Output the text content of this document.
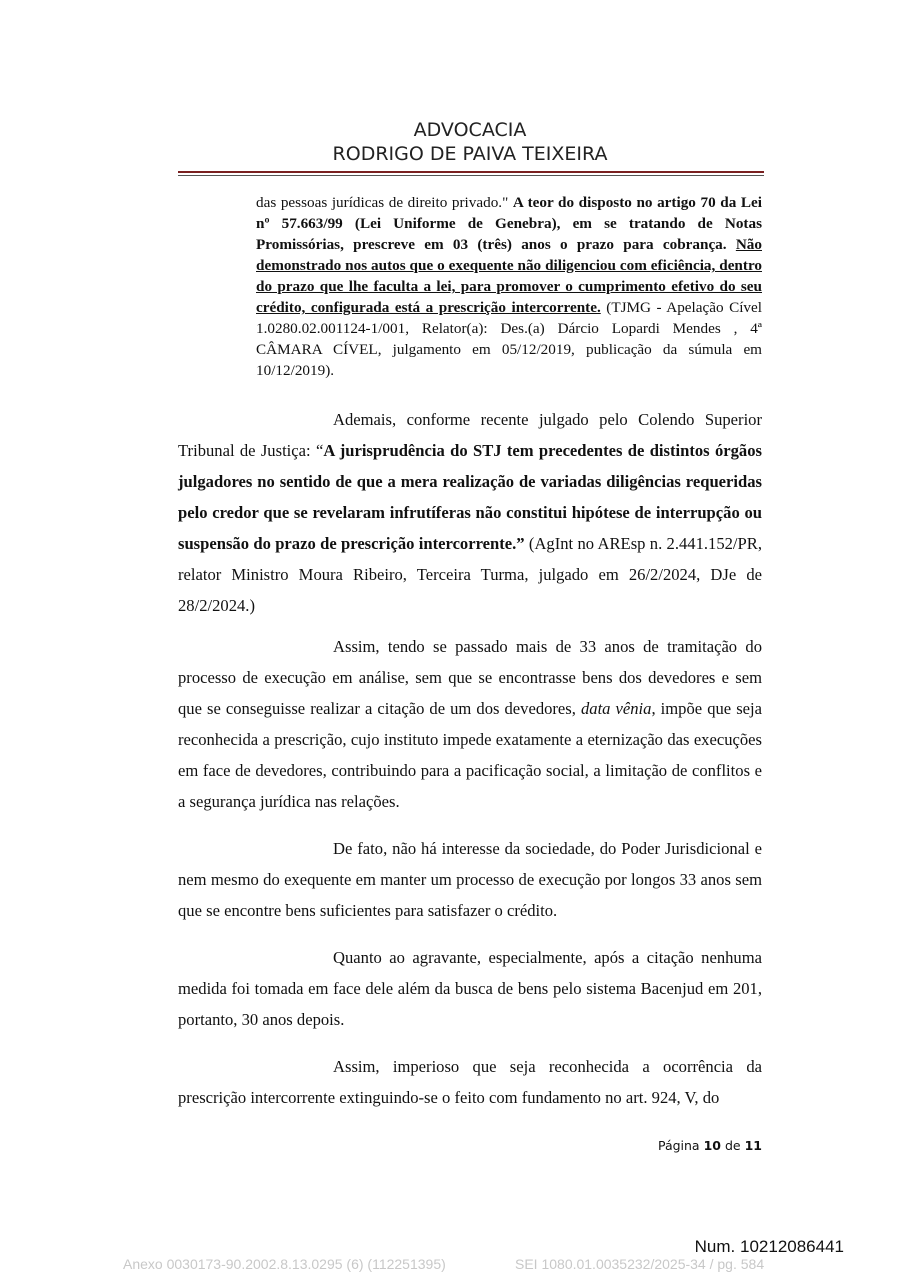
ADVOCACIA
RODRIGO DE PAIVA TEIXEIRA
das pessoas jurídicas de direito privado." A teor do disposto no artigo 70 da Lei nº 57.663/99 (Lei Uniforme de Genebra), em se tratando de Notas Promissórias, prescreve em 03 (três) anos o prazo para cobrança. Não demonstrado nos autos que o exequente não diligenciou com eficiência, dentro do prazo que lhe faculta a lei, para promover o cumprimento efetivo do seu crédito, configurada está a prescrição intercorrente. (TJMG - Apelação Cível 1.0280.02.001124-1/001, Relator(a): Des.(a) Dárcio Lopardi Mendes , 4ª CÂMARA CÍVEL, julgamento em 05/12/2019, publicação da súmula em 10/12/2019).
Ademais, conforme recente julgado pelo Colendo Superior Tribunal de Justiça: “A jurisprudência do STJ tem precedentes de distintos órgãos julgadores no sentido de que a mera realização de variadas diligências requeridas pelo credor que se revelaram infrutíferas não constitui hipótese de interrupção ou suspensão do prazo de prescrição intercorrente.” (AgInt no AREsp n. 2.441.152/PR, relator Ministro Moura Ribeiro, Terceira Turma, julgado em 26/2/2024, DJe de 28/2/2024.)
Assim, tendo se passado mais de 33 anos de tramitação do processo de execução em análise, sem que se encontrasse bens dos devedores e sem que se conseguisse realizar a citação de um dos devedores, data vênia, impõe que seja reconhecida a prescrição, cujo instituto impede exatamente a eternização das execuções em face de devedores, contribuindo para a pacificação social, a limitação de conflitos e a segurança jurídica nas relações.
De fato, não há interesse da sociedade, do Poder Jurisdicional e nem mesmo do exequente em manter um processo de execução por longos 33 anos sem que se encontre bens suficientes para satisfazer o crédito.
Quanto ao agravante, especialmente, após a citação nenhuma medida foi tomada em face dele além da busca de bens pelo sistema Bacenjud em 201, portanto, 30 anos depois.
Assim, imperioso que seja reconhecida a ocorrência da prescrição intercorrente extinguindo-se o feito com fundamento no art. 924, V, do
Página 10 de 11
Num. 10212086441
Anexo 0030173-90.2002.8.13.0295 (6) (112251395)	SEI 1080.01.0035232/2025-34 / pg. 584
